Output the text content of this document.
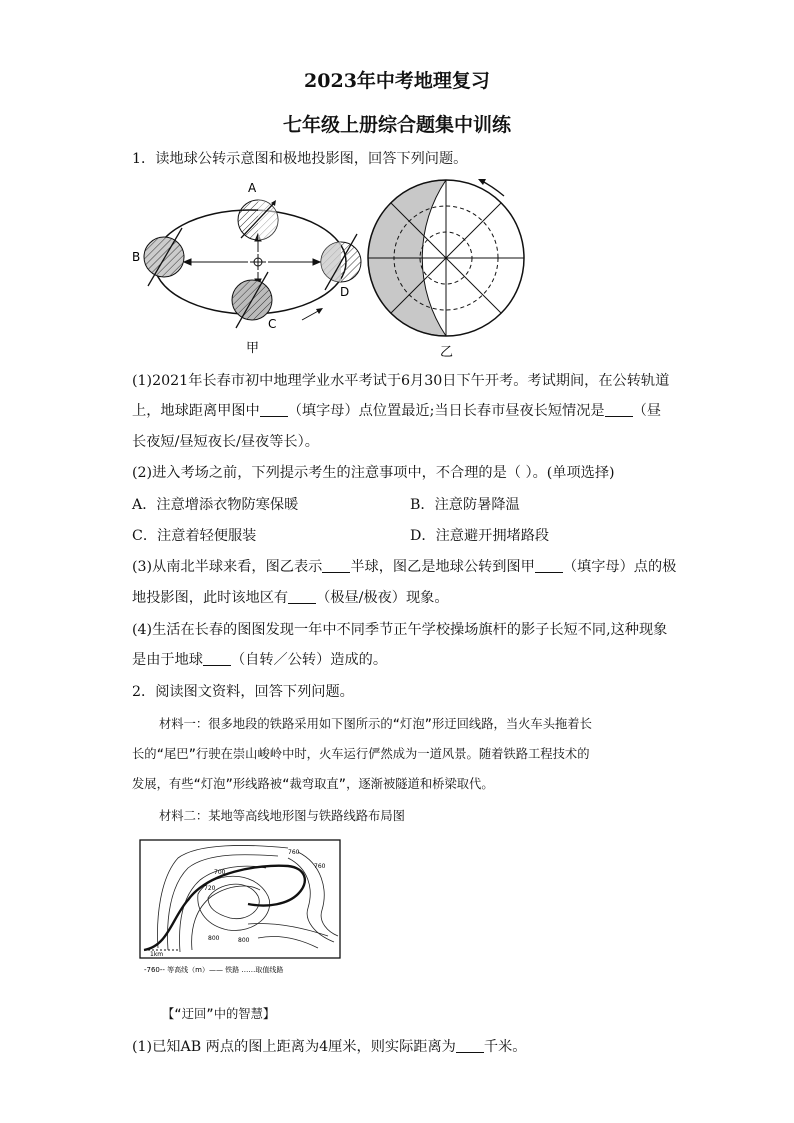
2023年中考地理复习
七年级上册综合题集中训练
1．读地球公转示意图和极地投影图，回答下列问题。
A
B
C
D
甲	乙
(1)2021年长春市初中地理学业水平考试于6月30日下午开考。考试期间，在公转轨道
上，地球距离甲图中 （填字母）点位置最近;当日长春市昼夜长短情况是 （昼
长夜短/昼短夜长/昼夜等长）。
(2)进入考场之前，下列提示考生的注意事项中，不合理的是（ ）。(单项选择)
A．注意增添衣物防寒保暖	B．注意防暑降温
C．注意着轻便服装	D．注意避开拥堵路段
(3)从南北半球来看，图乙表示 半球，图乙是地球公转到图甲 （填字母）点的极
地投影图，此时该地区有 （极昼/极夜）现象。
(4)生活在长春的图图发现一年中不同季节正午学校操场旗杆的影子长短不同,这种现象
是由于地球 （自转／公转）造成的。
2．阅读图文资料，回答下列问题。
材料一：很多地段的铁路采用如下图所示的“灯泡”形迂回线路，当火车头拖着长
长的“尾巴”行驶在崇山峻岭中时，火车运行俨然成为一道风景。随着铁路工程技术的
发展，有些“灯泡”形线路被“裁弯取直”，逐渐被隧道和桥梁取代。
材料二：某地等高线地形图与铁路线路布局图
760
760
700
720
800
800
1km
-760-- 等高线（m）—— 铁路 ……取值线路
【“迂回”中的智慧】
(1)已知AB 两点的图上距离为4厘米，则实际距离为 千米。
